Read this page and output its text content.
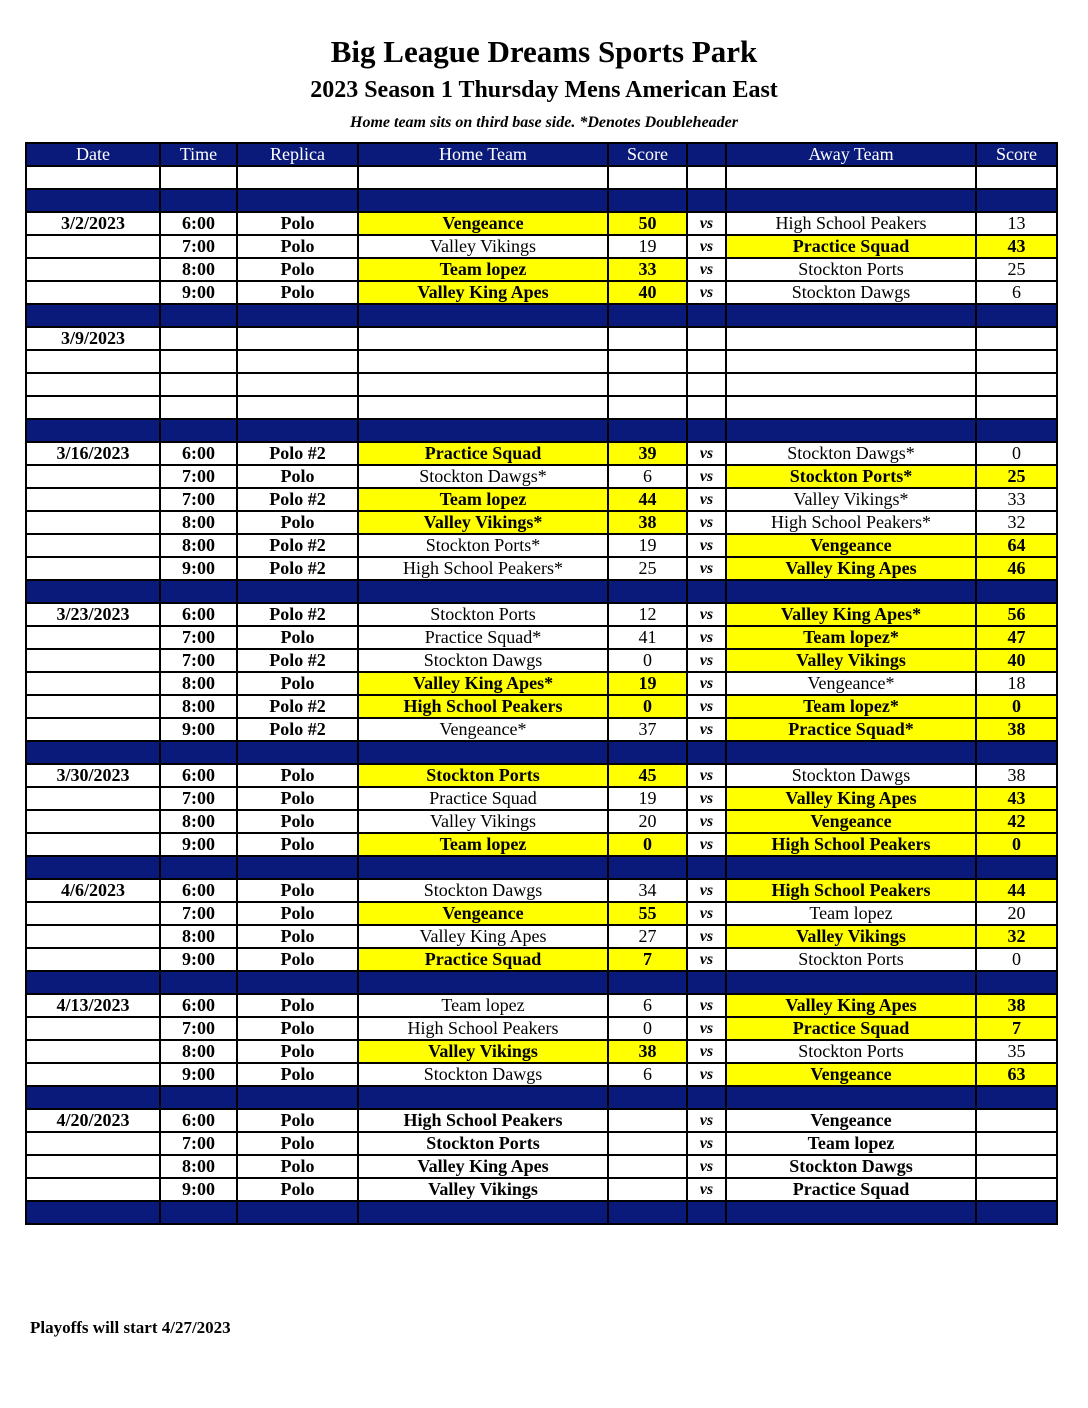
Big League Dreams Sports Park
2023 Season 1 Thursday Mens American East
Home team sits on third base side. *Denotes Doubleheader
Date	Time	Replica	Home Team	Score		Away Team	Score

3/2/2023	6:00	Polo	Vengeance	50	vs	High School Peakers	13
	7:00	Polo	Valley Vikings	19	vs	Practice Squad	43
	8:00	Polo	Team lopez	33	vs	Stockton Ports	25
	9:00	Polo	Valley King Apes	40	vs	Stockton Dawgs	6

3/9/2023							

3/16/2023	6:00	Polo #2	Practice Squad	39	vs	Stockton Dawgs*	0
	7:00	Polo	Stockton Dawgs*	6	vs	Stockton Ports*	25
	7:00	Polo #2	Team lopez	44	vs	Valley Vikings*	33
	8:00	Polo	Valley Vikings*	38	vs	High School Peakers*	32
	8:00	Polo #2	Stockton Ports*	19	vs	Vengeance	64
	9:00	Polo #2	High School Peakers*	25	vs	Valley King Apes	46

3/23/2023	6:00	Polo #2	Stockton Ports	12	vs	Valley King Apes*	56
	7:00	Polo	Practice Squad*	41	vs	Team lopez*	47
	7:00	Polo #2	Stockton Dawgs	0	vs	Valley Vikings	40
	8:00	Polo	Valley King Apes*	19	vs	Vengeance*	18
	8:00	Polo #2	High School Peakers	0	vs	Team lopez*	0
	9:00	Polo #2	Vengeance*	37	vs	Practice Squad*	38

3/30/2023	6:00	Polo	Stockton Ports	45	vs	Stockton Dawgs	38
	7:00	Polo	Practice Squad	19	vs	Valley King Apes	43
	8:00	Polo	Valley Vikings	20	vs	Vengeance	42
	9:00	Polo	Team lopez	0	vs	High School Peakers	0

4/6/2023	6:00	Polo	Stockton Dawgs	34	vs	High School Peakers	44
	7:00	Polo	Vengeance	55	vs	Team lopez	20
	8:00	Polo	Valley King Apes	27	vs	Valley Vikings	32
	9:00	Polo	Practice Squad	7	vs	Stockton Ports	0

4/13/2023	6:00	Polo	Team lopez	6	vs	Valley King Apes	38
	7:00	Polo	High School Peakers	0	vs	Practice Squad	7
	8:00	Polo	Valley Vikings	38	vs	Stockton Ports	35
	9:00	Polo	Stockton Dawgs	6	vs	Vengeance	63

4/20/2023	6:00	Polo	High School Peakers		vs	Vengeance	
	7:00	Polo	Stockton Ports		vs	Team lopez	
	8:00	Polo	Valley King Apes		vs	Stockton Dawgs	
	9:00	Polo	Valley Vikings		vs	Practice Squad	

Playoffs will start 4/27/2023
